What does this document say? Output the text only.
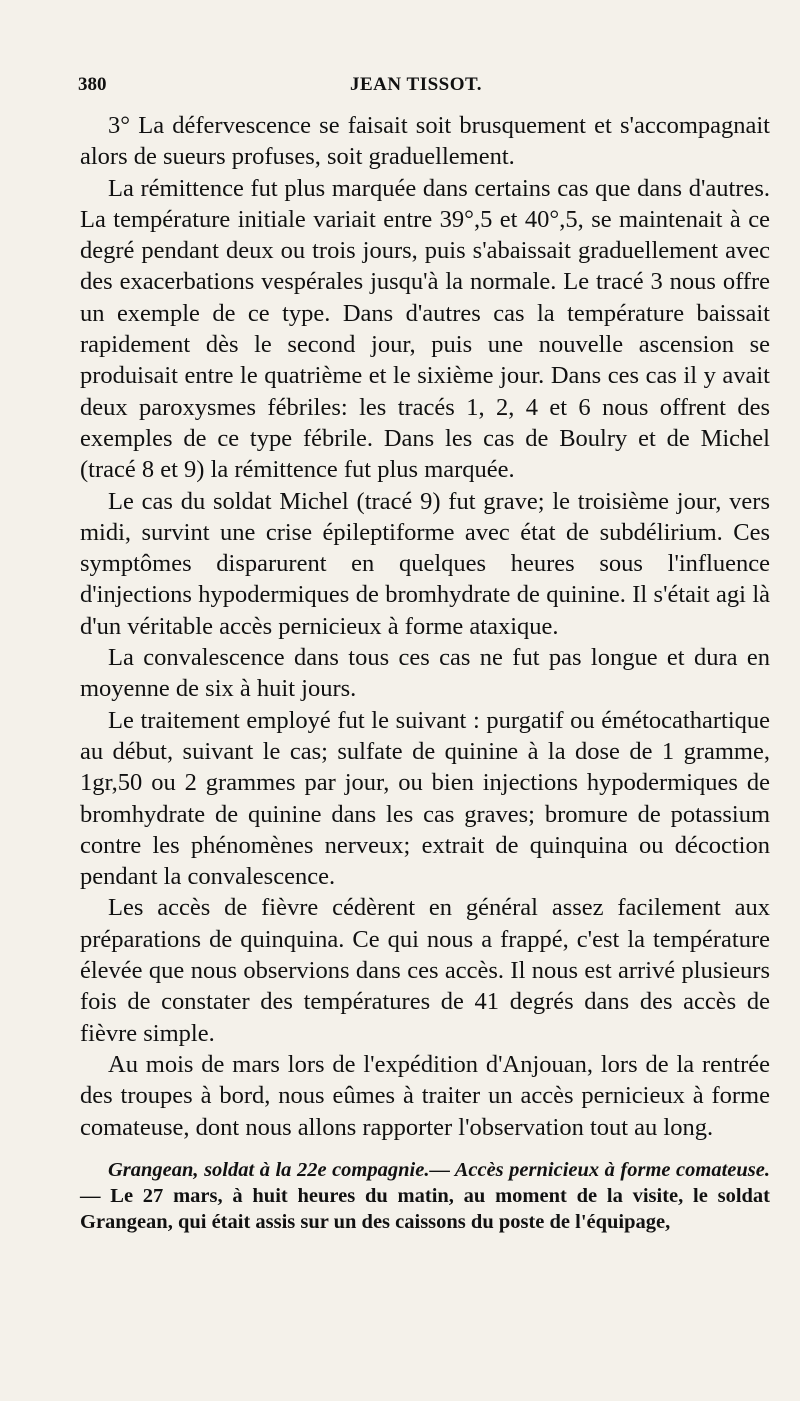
380	JEAN TISSOT.

3° La défervescence se faisait soit brusquement et s'accompagnait alors de sueurs profuses, soit graduellement.

La rémittence fut plus marquée dans certains cas que dans d'autres. La température initiale variait entre 39°,5 et 40°,5, se maintenait à ce degré pendant deux ou trois jours, puis s'abaissait graduellement avec des exacerbations vespérales jusqu'à la normale. Le tracé 3 nous offre un exemple de ce type. Dans d'autres cas la température baissait rapidement dès le second jour, puis une nouvelle ascension se produisait entre le quatrième et le sixième jour. Dans ces cas il y avait deux paroxysmes fébriles: les tracés 1, 2, 4 et 6 nous offrent des exemples de ce type fébrile. Dans les cas de Boulry et de Michel (tracé 8 et 9) la rémittence fut plus marquée.

Le cas du soldat Michel (tracé 9) fut grave; le troisième jour, vers midi, survint une crise épileptiforme avec état de subdélirium. Ces symptômes disparurent en quelques heures sous l'influence d'injections hypodermiques de bromhydrate de quinine. Il s'était agi là d'un véritable accès pernicieux à forme ataxique.

La convalescence dans tous ces cas ne fut pas longue et dura en moyenne de six à huit jours.

Le traitement employé fut le suivant : purgatif ou émétocathartique au début, suivant le cas; sulfate de quinine à la dose de 1 gramme, 1gr,50 ou 2 grammes par jour, ou bien injections hypodermiques de bromhydrate de quinine dans les cas graves; bromure de potassium contre les phénomènes nerveux; extrait de quinquina ou décoction pendant la convalescence.

Les accès de fièvre cédèrent en général assez facilement aux préparations de quinquina. Ce qui nous a frappé, c'est la température élevée que nous observions dans ces accès. Il nous est arrivé plusieurs fois de constater des températures de 41 degrés dans des accès de fièvre simple.

Au mois de mars lors de l'expédition d'Anjouan, lors de la rentrée des troupes à bord, nous eûmes à traiter un accès pernicieux à forme comateuse, dont nous allons rapporter l'observation tout au long.

Grangean, soldat à la 22e compagnie.— Accès pernicieux à forme comateuse. — Le 27 mars, à huit heures du matin, au moment de la visite, le soldat Grangean, qui était assis sur un des caissons du poste de l'équipage,
